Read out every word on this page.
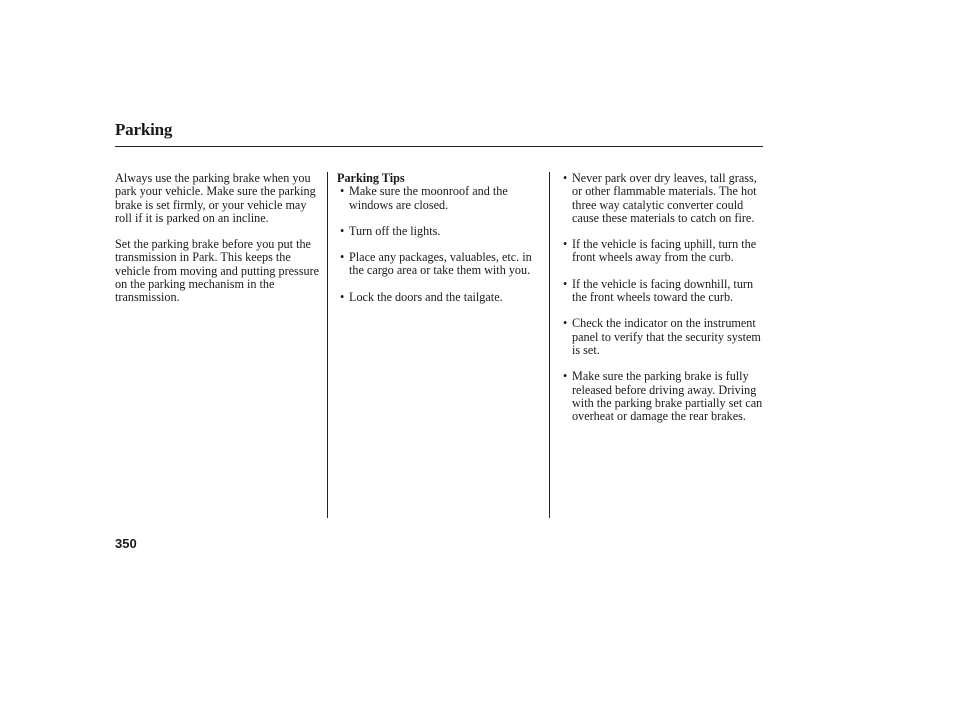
Parking

Always use the parking brake when you park your vehicle. Make sure the parking brake is set firmly, or your vehicle may roll if it is parked on an incline.

Set the parking brake before you put the transmission in Park. This keeps the vehicle from moving and putting pressure on the parking mechanism in the transmission.

Parking Tips

• Make sure the moonroof and the windows are closed.
• Turn off the lights.
• Place any packages, valuables, etc. in the cargo area or take them with you.
• Lock the doors and the tailgate.
• Never park over dry leaves, tall grass, or other flammable materials. The hot three way catalytic converter could cause these materials to catch on fire.
• If the vehicle is facing uphill, turn the front wheels away from the curb.
• If the vehicle is facing downhill, turn the front wheels toward the curb.
• Check the indicator on the instrument panel to verify that the security system is set.
• Make sure the parking brake is fully released before driving away. Driving with the parking brake partially set can overheat or damage the rear brakes.
350
